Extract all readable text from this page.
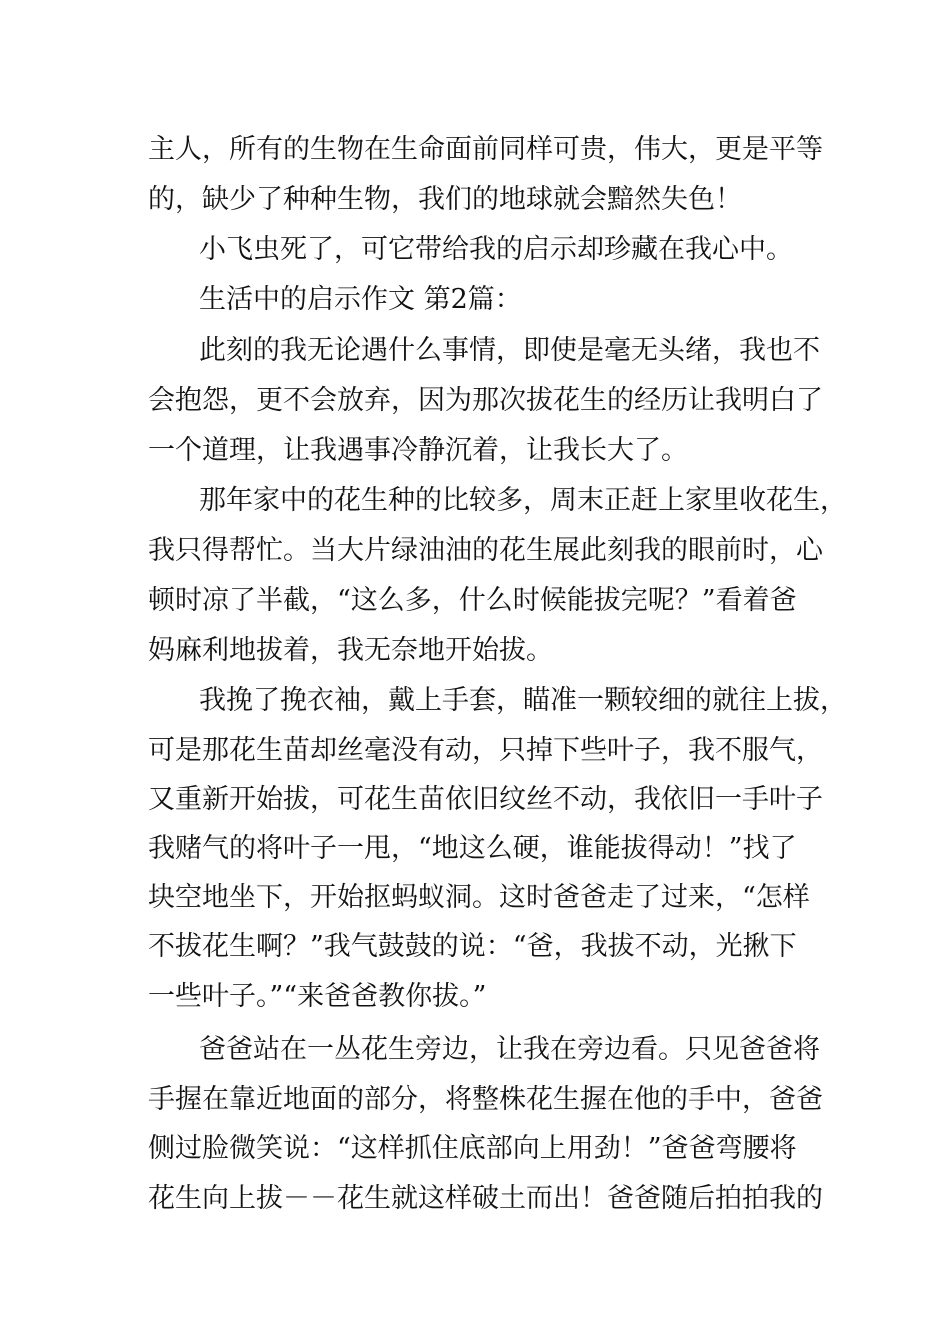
主人，所有的生物在生命面前同样可贵，伟大，更是平等
的，缺少了种种生物，我们的地球就会黯然失色！
小飞虫死了，可它带给我的启示却珍藏在我心中。
生活中的启示作文 第2篇：
此刻的我无论遇什么事情，即使是毫无头绪，我也不
会抱怨，更不会放弃，因为那次拔花生的经历让我明白了
一个道理，让我遇事冷静沉着，让我长大了。
那年家中的花生种的比较多，周末正赶上家里收花生，
我只得帮忙。当大片绿油油的花生展此刻我的眼前时，心
顿时凉了半截，“这么多，什么时候能拔完呢？”看着爸
妈麻利地拔着，我无奈地开始拔。
我挽了挽衣袖，戴上手套，瞄准一颗较细的就往上拔，
可是那花生苗却丝毫没有动，只掉下些叶子，我不服气，
又重新开始拔，可花生苗依旧纹丝不动，我依旧一手叶子
我赌气的将叶子一甩，“地这么硬，谁能拔得动！”找了
块空地坐下，开始抠蚂蚁洞。这时爸爸走了过来，“怎样
不拔花生啊？”我气鼓鼓的说：“爸，我拔不动，光揪下
一些叶子。”“来爸爸教你拔。”
爸爸站在一丛花生旁边，让我在旁边看。只见爸爸将
手握在靠近地面的部分，将整株花生握在他的手中，爸爸
侧过脸微笑说：“这样抓住底部向上用劲！”爸爸弯腰将
花生向上拔－－花生就这样破土而出！爸爸随后拍拍我的
